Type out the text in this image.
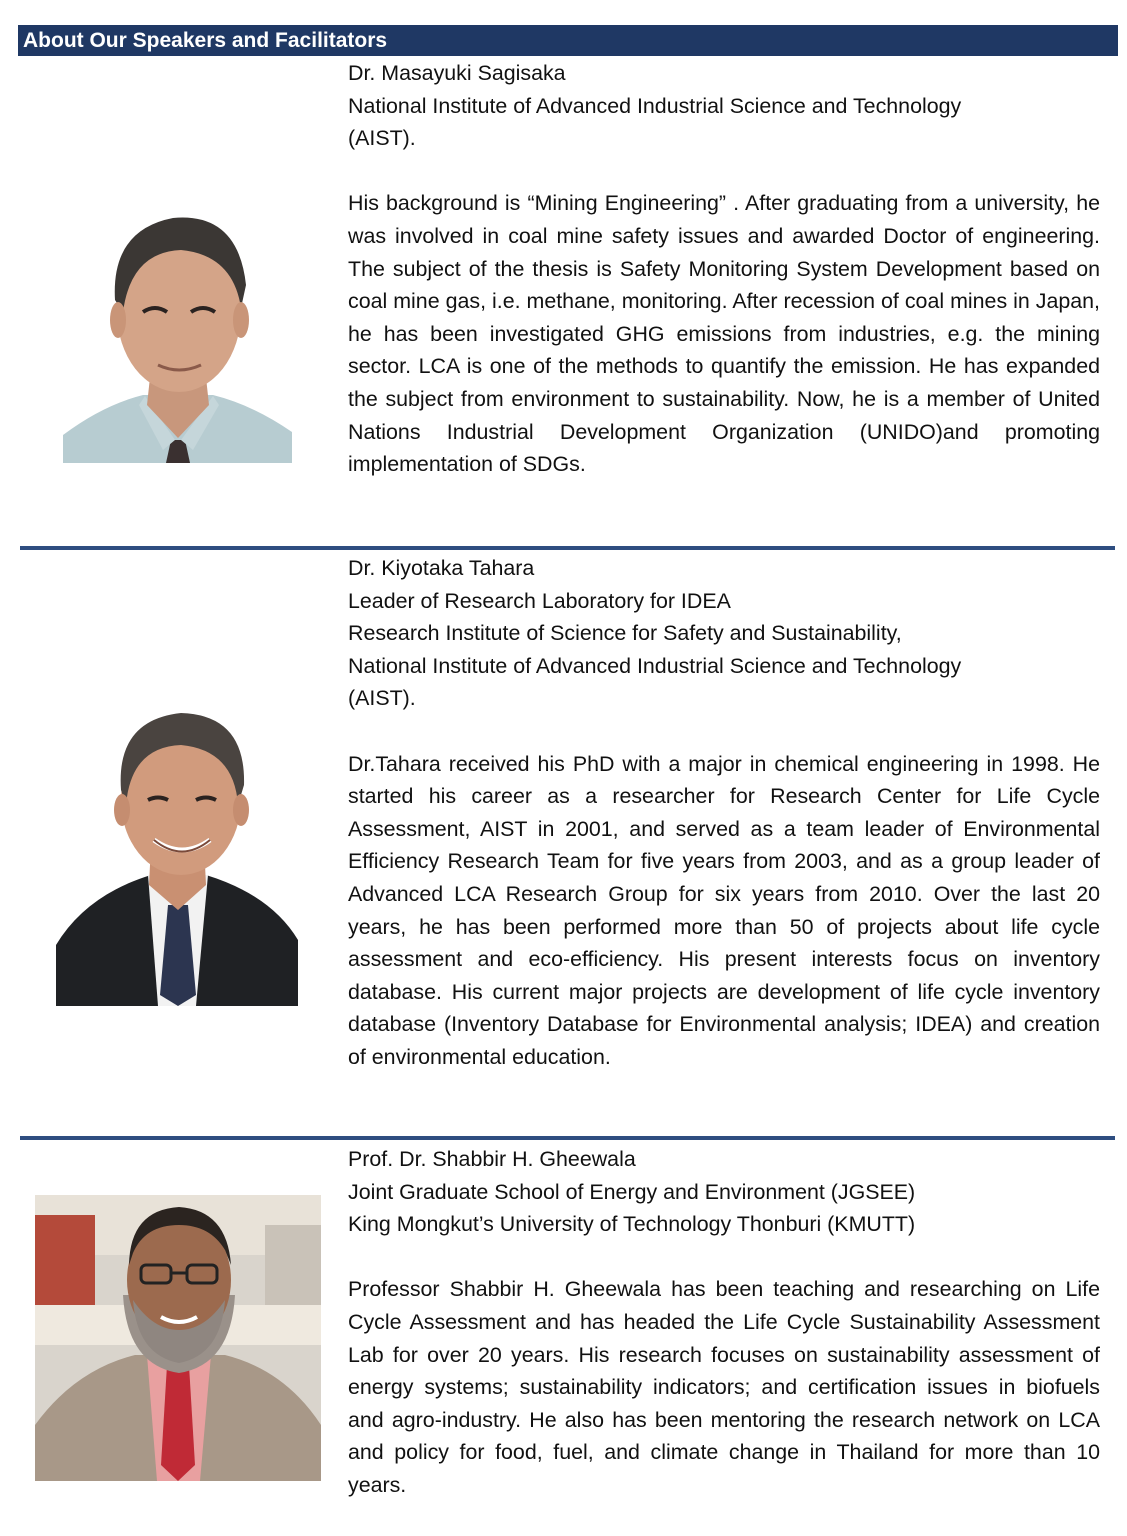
About Our Speakers and Facilitators
Dr. Masayuki Sagisaka
National Institute of Advanced Industrial Science and Technology
(AIST).
His background is “Mining Engineering” . After graduating from a university, he was involved in coal mine safety issues and awarded Doctor of engineering. The subject of the thesis is Safety Monitoring System Development based on coal mine gas, i.e. methane, monitoring. After recession of coal mines in Japan, he has been investigated GHG emissions from industries, e.g. the mining sector. LCA is one of the methods to quantify the emission. He has expanded the subject from environment to sustainability. Now, he is a member of United Nations Industrial Development Organization (UNIDO)and promoting implementation of SDGs.
Dr. Kiyotaka Tahara
Leader of Research Laboratory for IDEA
Research Institute of Science for Safety and Sustainability,
National Institute of Advanced Industrial Science and Technology
(AIST).
Dr.Tahara received his PhD with a major in chemical engineering in 1998. He started his career as a researcher for Research Center for Life Cycle Assessment, AIST in 2001, and served as a team leader of Environmental Efficiency Research Team for five years from 2003, and as a group leader of Advanced LCA Research Group for six years from 2010. Over the last 20 years, he has been performed more than 50 of projects about life cycle assessment and eco-efficiency. His present interests focus on inventory database. His current major projects are development of life cycle inventory database (Inventory Database for Environmental analysis; IDEA) and creation of environmental education.
Prof. Dr. Shabbir H. Gheewala
Joint Graduate School of Energy and Environment (JGSEE)
King Mongkut’s University of Technology Thonburi (KMUTT)
Professor Shabbir H. Gheewala has been teaching and researching on Life Cycle Assessment and has headed the Life Cycle Sustainability Assessment Lab for over 20 years. His research focuses on sustainability assessment of energy systems; sustainability indicators; and certification issues in biofuels and agro-industry. He also has been mentoring the research network on LCA and policy for food, fuel, and climate change in Thailand for more than 10 years.
